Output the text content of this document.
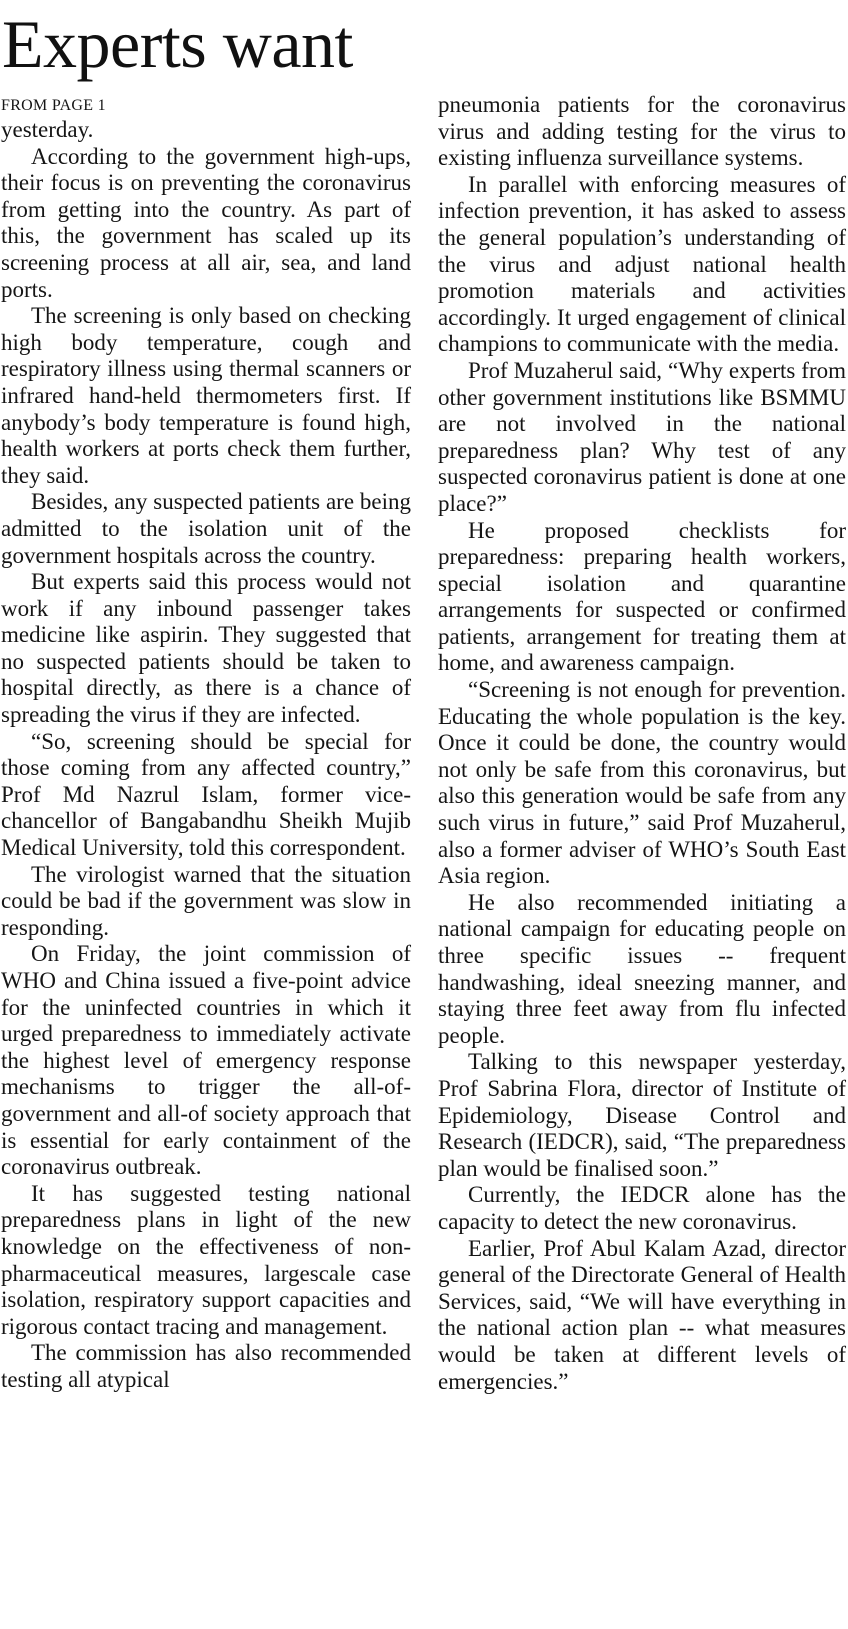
Experts want
FROM PAGE 1

yesterday.

According to the government high-ups, their focus is on preventing the coronavirus from getting into the country. As part of this, the government has scaled up its screening process at all air, sea, and land ports.

The screening is only based on checking high body temperature, cough and respiratory illness using thermal scanners or infrared hand-held thermometers first. If anybody’s body temperature is found high, health workers at ports check them further, they said.

Besides, any suspected patients are being admitted to the isolation unit of the government hospitals across the country.

But experts said this process would not work if any inbound passenger takes medicine like aspirin. They suggested that no suspected patients should be taken to hospital directly, as there is a chance of spreading the virus if they are infected.

“So, screening should be special for those coming from any affected country,” Prof Md Nazrul Islam, former vice-chancellor of Bangabandhu Sheikh Mujib Medical University, told this correspondent.

The virologist warned that the situation could be bad if the government was slow in responding.

On Friday, the joint commission of WHO and China issued a five-point advice for the uninfected countries in which it urged preparedness to immediately activate the highest level of emergency response mechanisms to trigger the all-of-government and all-of society approach that is essential for early containment of the coronavirus outbreak.

It has suggested testing national preparedness plans in light of the new knowledge on the effectiveness of non-pharmaceutical measures, largescale case isolation, respiratory support capacities and rigorous contact tracing and management.

The commission has also recommended testing all atypical

pneumonia patients for the coronavirus virus and adding testing for the virus to existing influenza surveillance systems.

In parallel with enforcing measures of infection prevention, it has asked to assess the general population’s understanding of the virus and adjust national health promotion materials and activities accordingly. It urged engagement of clinical champions to communicate with the media.

Prof Muzaherul said, “Why experts from other government institutions like BSMMU are not involved in the national preparedness plan? Why test of any suspected coronavirus patient is done at one place?”

He proposed checklists for preparedness: preparing health workers, special isolation and quarantine arrangements for suspected or confirmed patients, arrangement for treating them at home, and awareness campaign.

“Screening is not enough for prevention. Educating the whole population is the key. Once it could be done, the country would not only be safe from this coronavirus, but also this generation would be safe from any such virus in future,” said Prof Muzaherul, also a former adviser of WHO’s South East Asia region.

He also recommended initiating a national campaign for educating people on three specific issues -- frequent handwashing, ideal sneezing manner, and staying three feet away from flu infected people.

Talking to this newspaper yesterday, Prof Sabrina Flora, director of Institute of Epidemiology, Disease Control and Research (IEDCR), said, “The preparedness plan would be finalised soon.”

Currently, the IEDCR alone has the capacity to detect the new coronavirus.

Earlier, Prof Abul Kalam Azad, director general of the Directorate General of Health Services, said, “We will have everything in the national action plan -- what measures would be taken at different levels of emergencies.”
